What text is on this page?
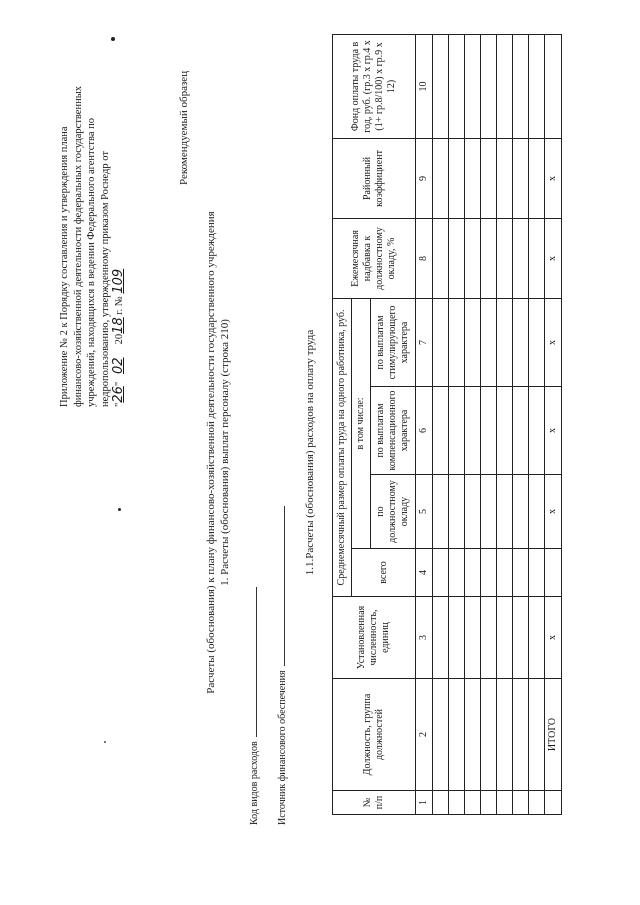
Приложение № 2 к Порядку составления и утверждения плана финансово-хозяйственной деятельности федеральных государственных учреждений, находящихся в ведении Федерального агентства по недропользованию, утвержденному приказом Роснедр от "26"   02     2018 г. № 109
Рекомендуемый образец
Расчеты (обоснования) к плану финансово-хозяйственной деятельности государственного учреждения 1. Расчеты (обоснования) выплат персоналу (строка 210)
Код видов расходов	Источник финансового обеспечения
1.1.Расчеты (обоснования) расходов на оплату труда
№ п/п	Должность, группа должностей	Установленная численность, единиц	Среднемесячный размер оплаты труда на одного работника, руб.				Ежемесячная надбавка к должностному окладу, %	Районный коэффициент	Фонд оплаты труда в год, руб. (гр.3 х гр.4 х (1+ гр.8/100) х гр.9 х 12)
			всего	в том числе:					
				по должностному окладу	по выплатам компенсационного характера	по выплатам стимулирующего характера			
1	2	3	4	5	6	7	8	9	10

	ИТОГО	x		x	x	x	x	x	
